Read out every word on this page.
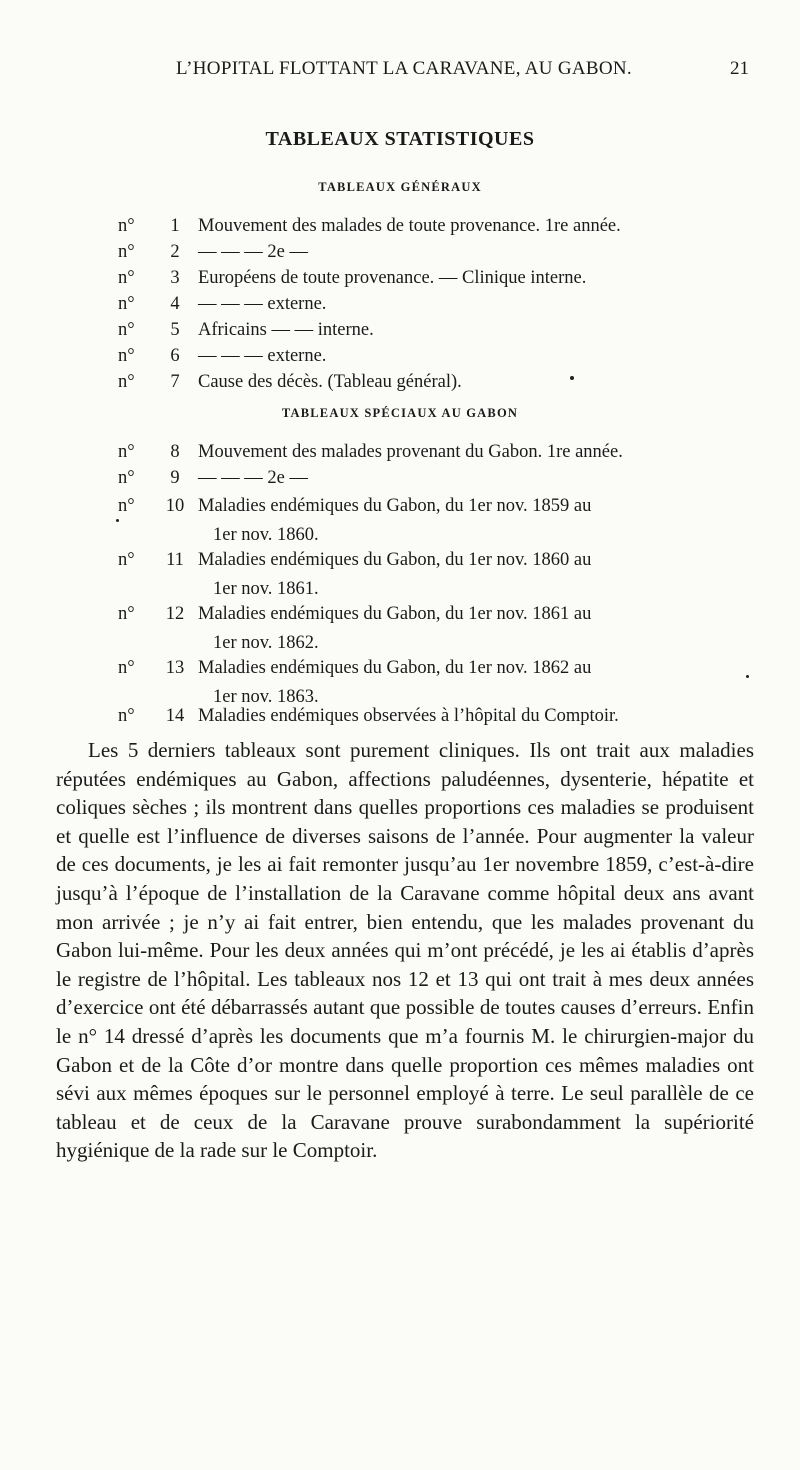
L’HOPITAL FLOTTANT LA CARAVANE, AU GABON.	21
TABLEAUX STATISTIQUES
TABLEAUX GÉNÉRAUX
n°	1 Mouvement des malades de toute provenance. 1re année.
n°	2 — — — 2e —
n°	3 Européens de toute provenance. — Clinique interne.
n°	4 — — — externe.
n°	5 Africains — — interne.
n°	6 — — — externe.
n°	7 Cause des décès. (Tableau général).
TABLEAUX SPÉCIAUX AU GABON
n°	8 Mouvement des malades provenant du Gabon. 1re année.
n°	9 — — — 2e —
n° 10 Maladies endémiques du Gabon, du 1er nov. 1859 au
1er nov. 1860.
n° 11 Maladies endémiques du Gabon, du 1er nov. 1860 au
1er nov. 1861.
n° 12 Maladies endémiques du Gabon, du 1er nov. 1861 au
1er nov. 1862.
n° 13 Maladies endémiques du Gabon, du 1er nov. 1862 au
1er nov. 1863.
n° 14 Maladies endémiques observées à l’hôpital du Comptoir.

Les 5 derniers tableaux sont purement cliniques. Ils ont trait aux maladies réputées endémiques au Gabon, affections paludéennes, dysenterie, hépatite et coliques sèches ; ils montrent dans quelles proportions ces maladies se produisent et quelle est l’influence de diverses saisons de l’année. Pour augmenter la valeur de ces documents, je les ai fait remonter jusqu’au 1er novembre 1859, c’est-à-dire jusqu’à l’époque de l’installation de la Caravane comme hôpital deux ans avant mon arrivée ; je n’y ai fait entrer, bien entendu, que les malades provenant du Gabon lui-même. Pour les deux années qui m’ont précédé, je les ai établis d’après le registre de l’hôpital. Les tableaux nos 12 et 13 qui ont trait à mes deux années d’exercice ont été débarrassés autant que possible de toutes causes d’erreurs. Enfin le n° 14 dressé d’après les documents que m’a fournis M. le chirurgien-major du Gabon et de la Côte d’or montre dans quelle proportion ces mêmes maladies ont sévi aux mêmes époques sur le personnel employé à terre. Le seul parallèle de ce tableau et de ceux de la Caravane prouve surabondamment la supériorité hygiénique de la rade sur le Comptoir.
